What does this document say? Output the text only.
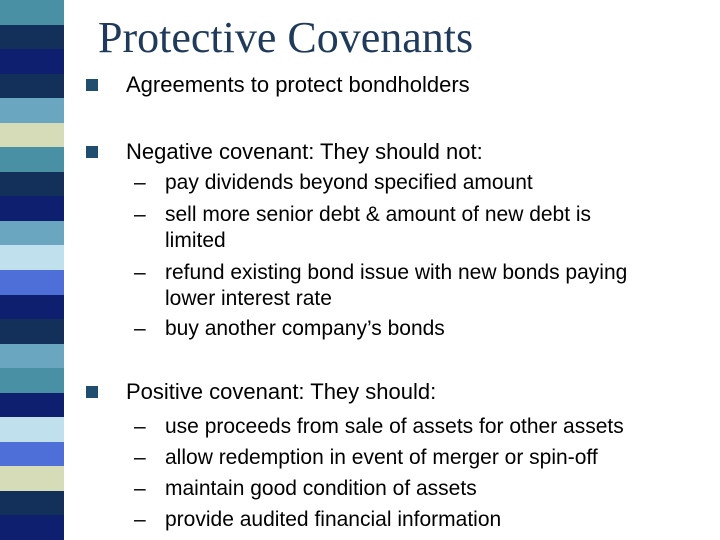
Protective Covenants
Agreements to protect bondholders
Negative covenant: They should not:
– pay dividends beyond specified amount
– sell more senior debt & amount of new debt is
limited
– refund existing bond issue with new bonds paying
lower interest rate
– buy another company’s bonds
Positive covenant: They should:
– use proceeds from sale of assets for other assets
– allow redemption in event of merger or spin-off
– maintain good condition of assets
– provide audited financial information
